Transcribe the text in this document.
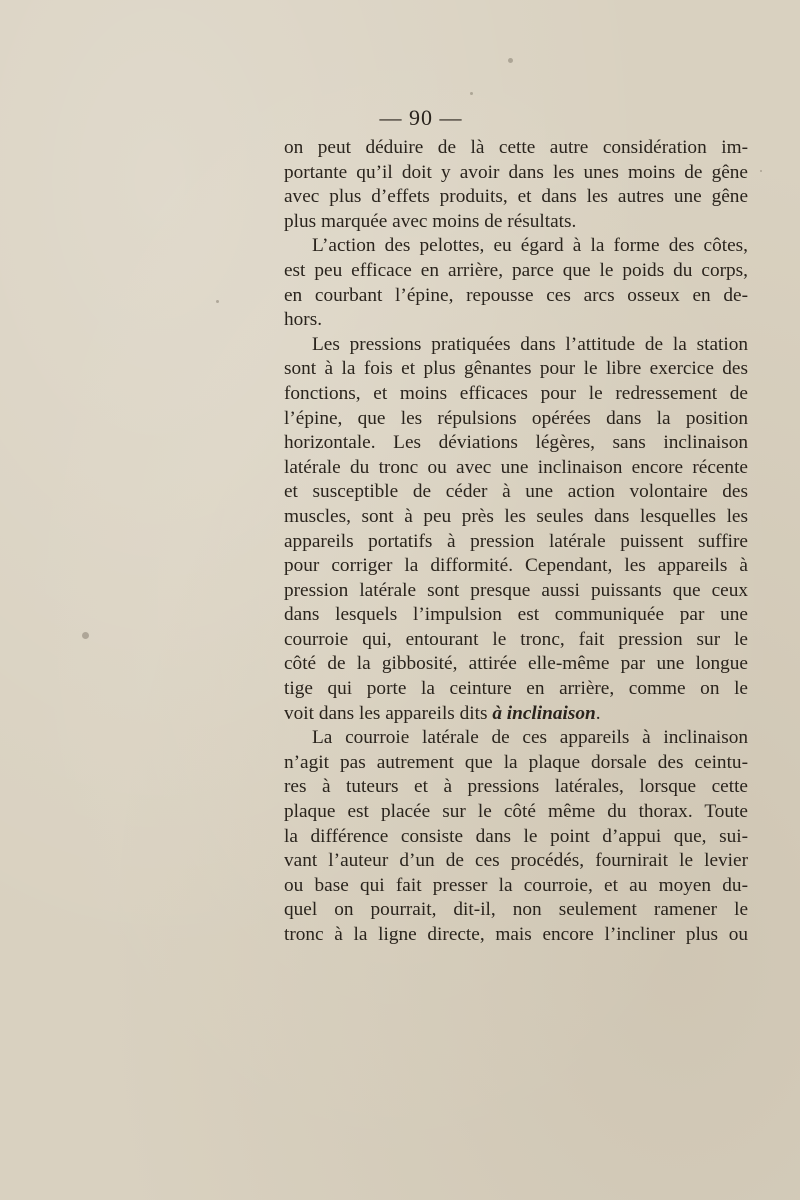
— 90 —
on peut déduire de là cette autre considération im-
portante qu’il doit y avoir dans les unes moins de gêne
avec plus d’effets produits, et dans les autres une gêne
plus marquée avec moins de résultats.
L’action des pelottes, eu égard à la forme des côtes,
est peu efficace en arrière, parce que le poids du corps,
en courbant l’épine, repousse ces arcs osseux en de-
hors.
Les pressions pratiquées dans l’attitude de la station
sont à la fois et plus gênantes pour le libre exercice des
fonctions, et moins efficaces pour le redressement de
l’épine, que les répulsions opérées dans la position
horizontale. Les déviations légères, sans inclinaison
latérale du tronc ou avec une inclinaison encore récente
et susceptible de céder à une action volontaire des
muscles, sont à peu près les seules dans lesquelles les
appareils portatifs à pression latérale puissent suffire
pour corriger la difformité. Cependant, les appareils à
pression latérale sont presque aussi puissants que ceux
dans lesquels l’impulsion est communiquée par une
courroie qui, entourant le tronc, fait pression sur le
côté de la gibbosité, attirée elle-même par une longue
tige qui porte la ceinture en arrière, comme on le
voit dans les appareils dits à inclinaison.
La courroie latérale de ces appareils à inclinaison
n’agit pas autrement que la plaque dorsale des ceintu-
res à tuteurs et à pressions latérales, lorsque cette
plaque est placée sur le côté même du thorax. Toute
la différence consiste dans le point d’appui que, sui-
vant l’auteur d’un de ces procédés, fournirait le levier
ou base qui fait presser la courroie, et au moyen du-
quel on pourrait, dit-il, non seulement ramener le
tronc à la ligne directe, mais encore l’incliner plus ou
